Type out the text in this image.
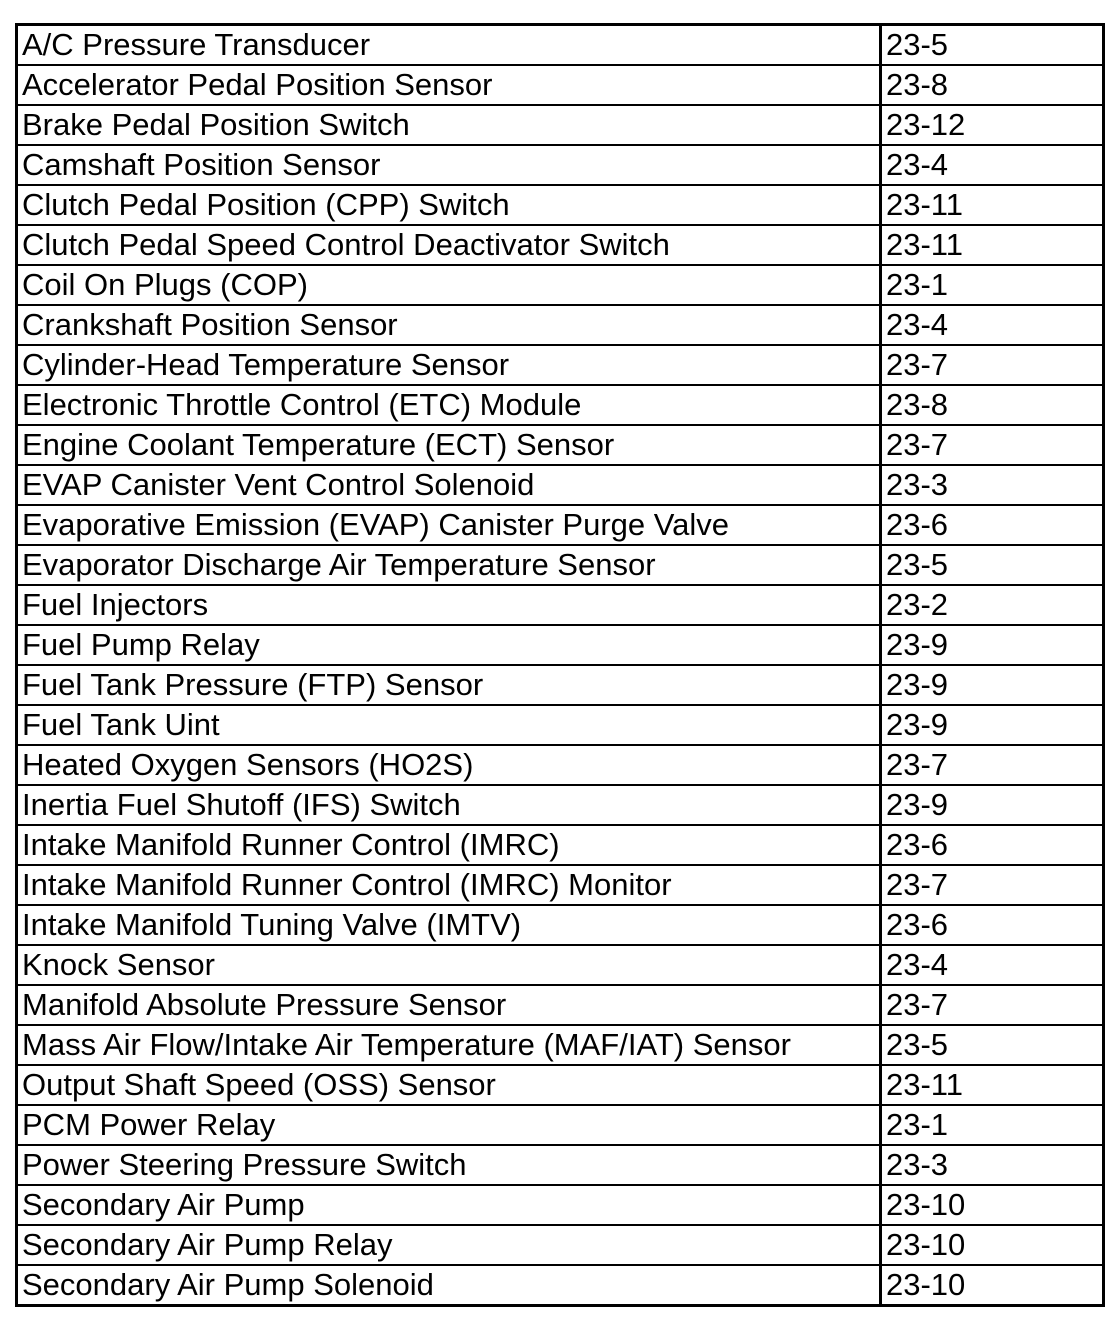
A/C Pressure Transducer	23-5
Accelerator Pedal Position Sensor	23-8
Brake Pedal Position Switch	23-12
Camshaft Position Sensor	23-4
Clutch Pedal Position (CPP) Switch	23-11
Clutch Pedal Speed Control Deactivator Switch	23-11
Coil On Plugs (COP)	23-1
Crankshaft Position Sensor	23-4
Cylinder-Head Temperature Sensor	23-7
Electronic Throttle Control (ETC) Module	23-8
Engine Coolant Temperature (ECT) Sensor	23-7
EVAP Canister Vent Control Solenoid	23-3
Evaporative Emission (EVAP) Canister Purge Valve	23-6
Evaporator Discharge Air Temperature Sensor	23-5
Fuel Injectors	23-2
Fuel Pump Relay	23-9
Fuel Tank Pressure (FTP) Sensor	23-9
Fuel Tank Uint	23-9
Heated Oxygen Sensors (HO2S)	23-7
Inertia Fuel Shutoff (IFS) Switch	23-9
Intake Manifold Runner Control (IMRC)	23-6
Intake Manifold Runner Control (IMRC) Monitor	23-7
Intake Manifold Tuning Valve (IMTV)	23-6
Knock Sensor	23-4
Manifold Absolute Pressure Sensor	23-7
Mass Air Flow/Intake Air Temperature (MAF/IAT) Sensor	23-5
Output Shaft Speed (OSS) Sensor	23-11
PCM Power Relay	23-1
Power Steering Pressure Switch	23-3
Secondary Air Pump	23-10
Secondary Air Pump Relay	23-10
Secondary Air Pump Solenoid	23-10
